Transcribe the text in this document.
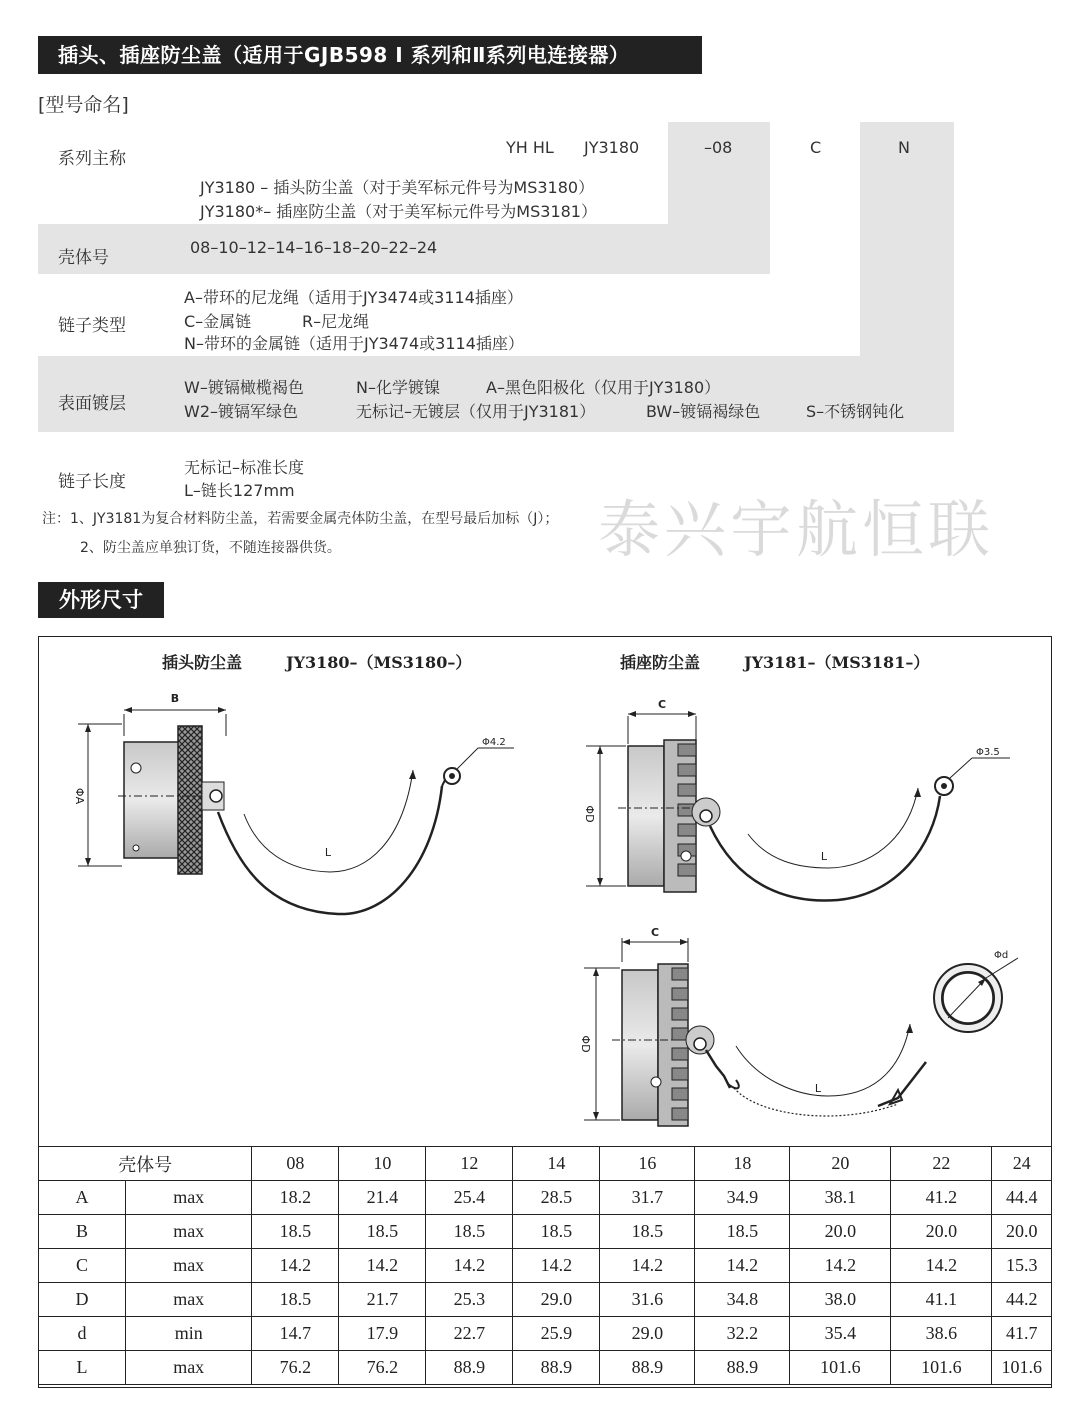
插头、插座防尘盖（适用于GJB598 I 系列和Ⅱ系列电连接器）
[型号命名]
YH HL JY3180	–08	C	N
系列主称
JY3180 – 插头防尘盖（对于美军标元件号为MS3180）
JY3180*– 插座防尘盖（对于美军标元件号为MS3181）
壳体号
08–10–12–14–16–18–20–22–24
链子类型
A–带环的尼龙绳（适用于JY3474或3114插座）
C–金属链	R–尼龙绳
N–带环的金属链（适用于JY3474或3114插座）
表面镀层
W–镀镉橄榄褐色	N–化学镀镍	A–黑色阳极化（仅用于JY3180）
W2–镀镉军绿色	无标记–无镀层（仅用于JY3181）	BW–镀镉褐绿色	S–不锈钢钝化
链子长度
无标记–标准长度
L–链长127mm
注：1、JY3181为复合材料防尘盖，若需要金属壳体防尘盖，在型号最后加标（J）；
2、防尘盖应单独订货，不随连接器供货。	泰兴宇航恒联
外形尺寸
插头防尘盖	JY3180–（MS3180–）	插座防尘盖	JY3181–（MS3181–）
B
ΦA
L
Φ4.2
C
ΦD
L
Φ3.5
C
ΦD
Φd
L
壳体号		08	10	12	14	16	18	20	22	24
A	max	18.2	21.4	25.4	28.5	31.7	34.9	38.1	41.2	44.4
B	max	18.5	18.5	18.5	18.5	18.5	18.5	20.0	20.0	20.0
C	max	14.2	14.2	14.2	14.2	14.2	14.2	14.2	14.2	15.3
D	max	18.5	21.7	25.3	29.0	31.6	34.8	38.0	41.1	44.2
d	min	14.7	17.9	22.7	25.9	29.0	32.2	35.4	38.6	41.7
L	max	76.2	76.2	88.9	88.9	88.9	88.9	101.6	101.6	101.6
